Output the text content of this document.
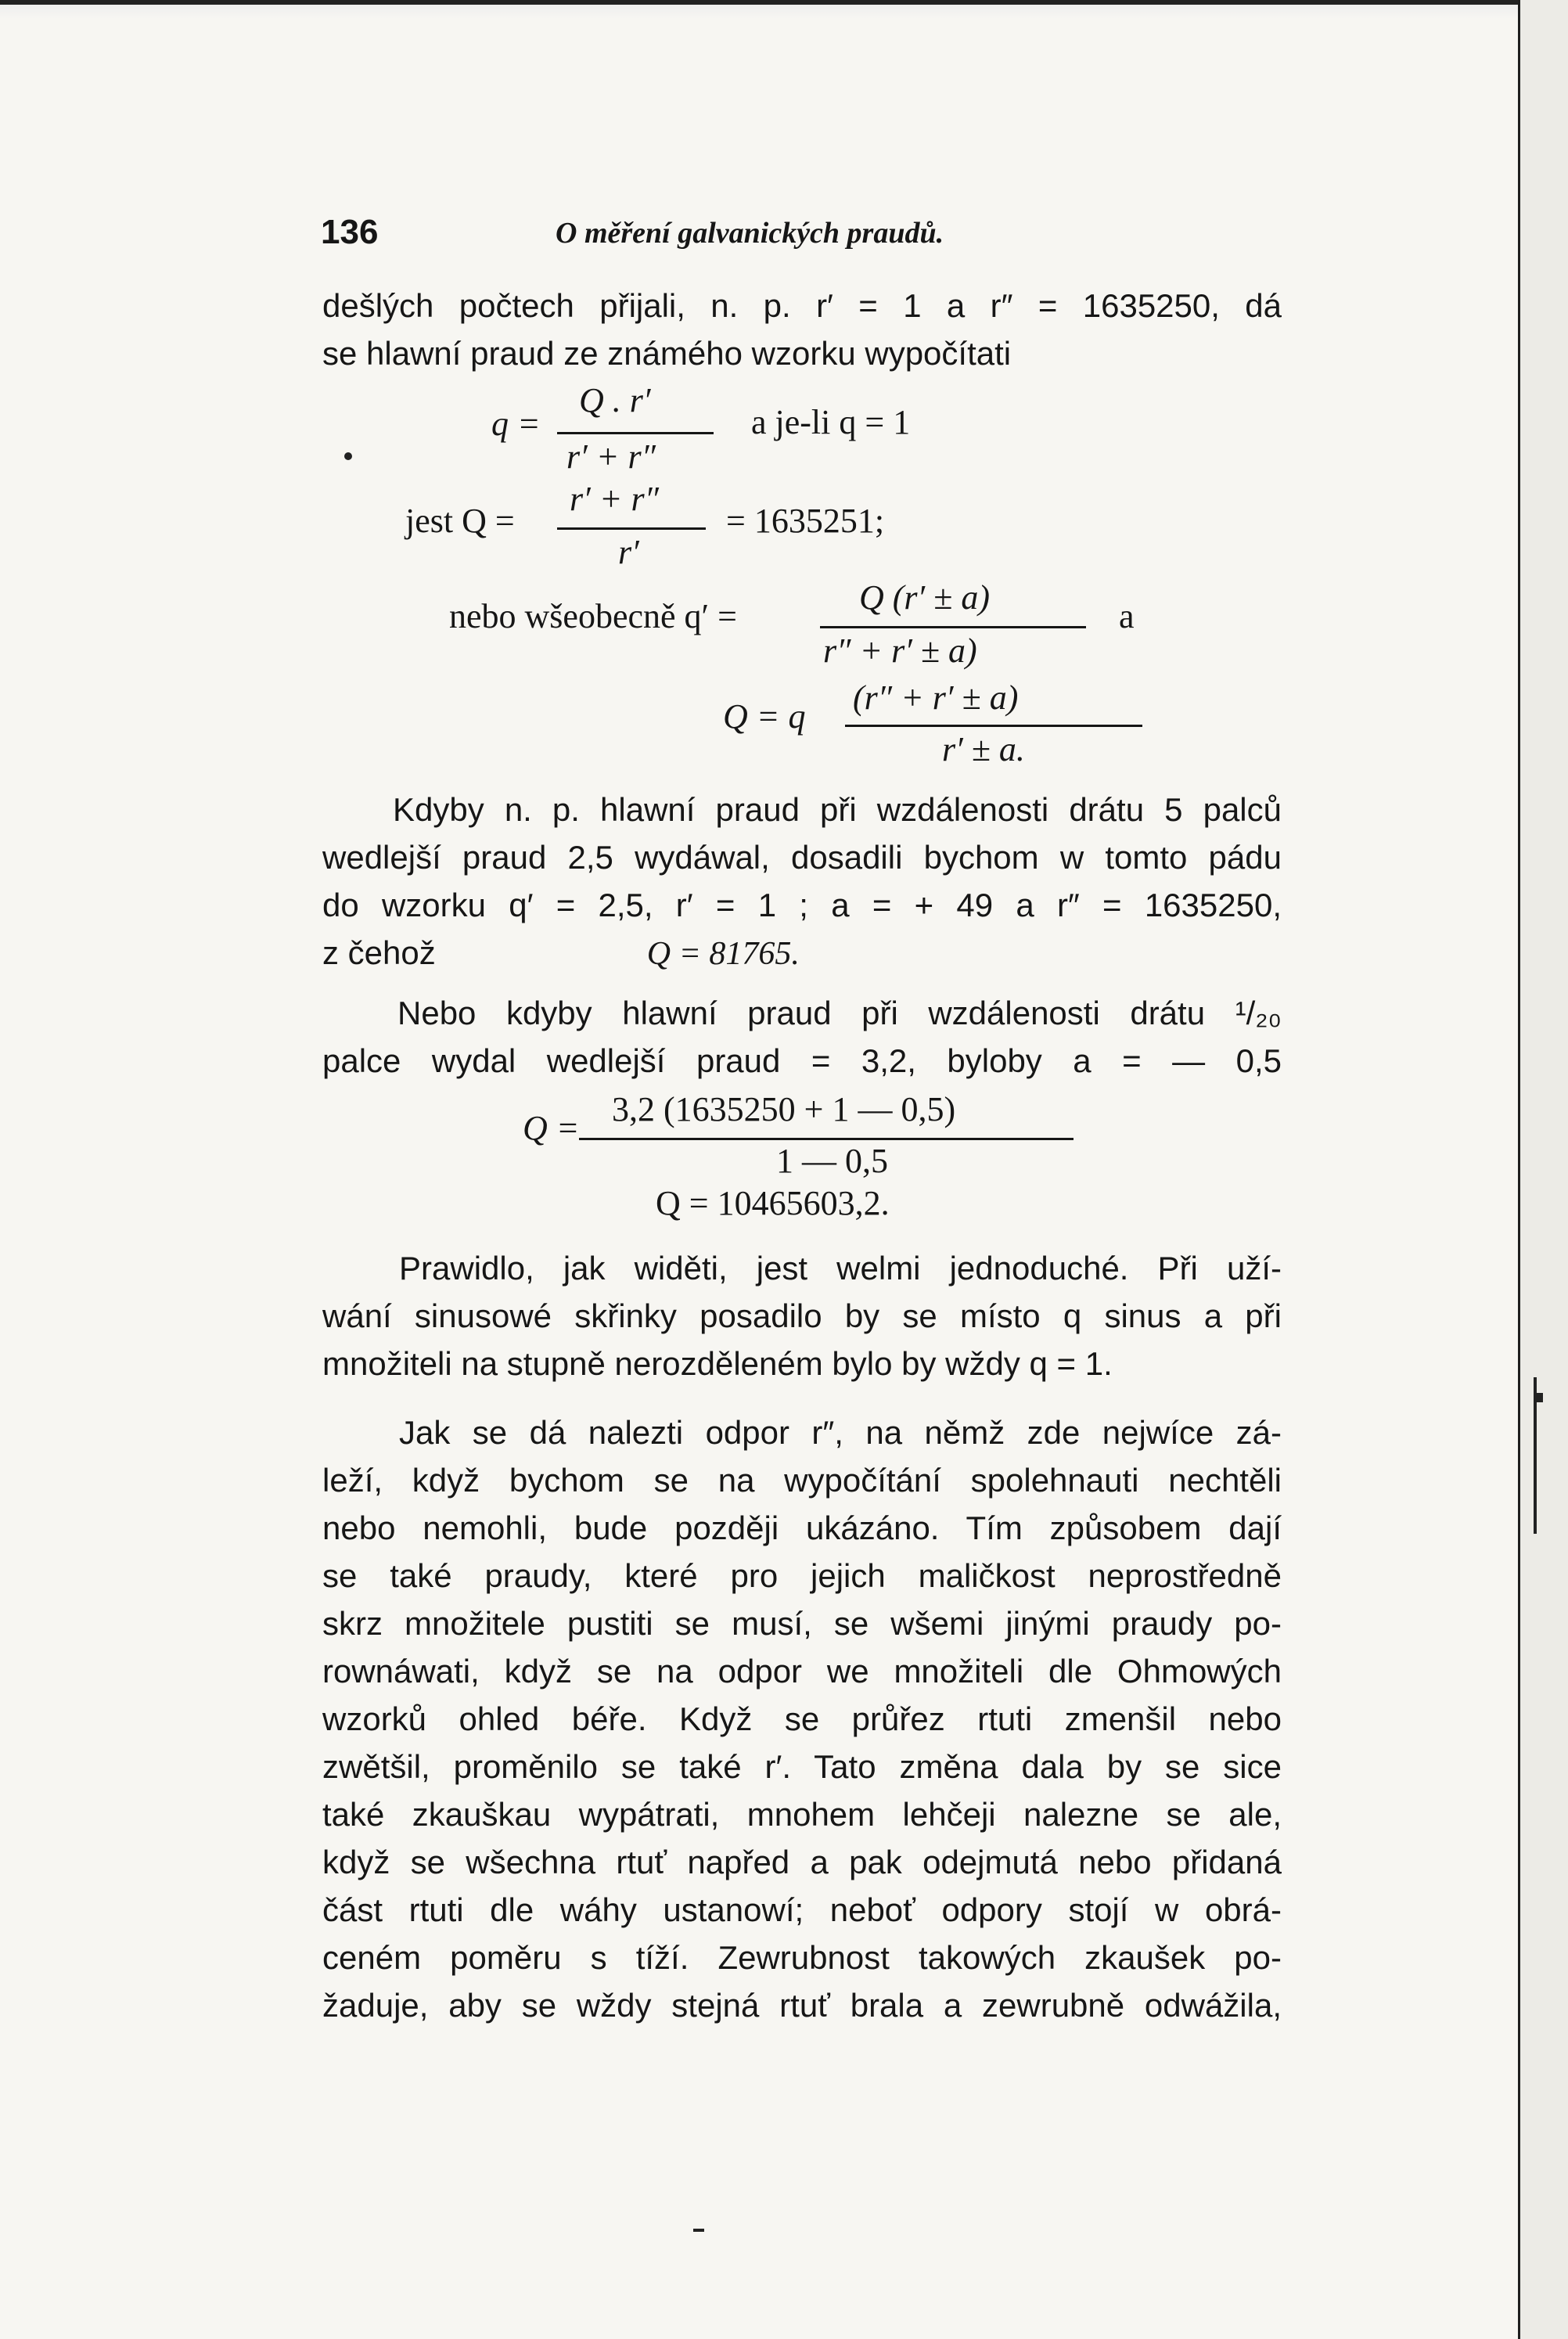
136	O měření galvanických praudů.
dešlých počtech přijali, n. p. r′ = 1 a r″ = 1635250, dá
se hlawní praud ze známého wzorku wypočítati
q =
Q . r′
r′ + r″
a je-li q = 1
jest Q =
r′ + r″
r′
= 1635251;
nebo wšeobecně q′ =	Q (r′ ± a)
r″ + r′ ± a)
a
Q = q (r″ + r′ ± a)
r′ ± a.
Kdyby n. p. hlawní praud při wzdálenosti drátu 5 palců
wedlejší praud 2,5 wydáwal, dosadili bychom w tomto pádu
do wzorku q′ = 2,5, r′ = 1 ; a = + 49 a r″ = 1635250,
z čehož	Q = 81765.
Nebo kdyby hlawní praud při wzdálenosti drátu ¹/₂₀
palce wydal wedlejší praud = 3,2, byloby a = — 0,5
Q = 3,2 (1635250 + 1 — 0,5)
1 — 0,5
Q = 10465603,2.
Prawidlo, jak widěti, jest welmi jednoduché. Při uží-
wání sinusowé skřinky posadilo by se místo q sinus a při
množiteli na stupně nerozděleném bylo by wždy q = 1.
Jak se dá nalezti odpor r″, na němž zde nejwíce zá-
leží, když bychom se na wypočítání spolehnauti nechtěli
nebo nemohli, bude později ukázáno. Tím způsobem dají
se také praudy, které pro jejich maličkost neprostředně
skrz množitele pustiti se musí, se wšemi jinými praudy po-
rownáwati, když se na odpor we množiteli dle Ohmowých
wzorků ohled béře. Když se průřez rtuti zmenšil nebo
zwětšil, proměnilo se také r′. Tato změna dala by se sice
také zkauškau wypátrati, mnohem lehčeji nalezne se ale,
když se wšechna rtuť napřed a pak odejmutá nebo přidaná
část rtuti dle wáhy ustanowí; neboť odpory stojí w obrá-
ceném poměru s tíží. Zewrubnost takowých zkaušek po-
žaduje, aby se wždy stejná rtuť brala a zewrubně odwážila,
